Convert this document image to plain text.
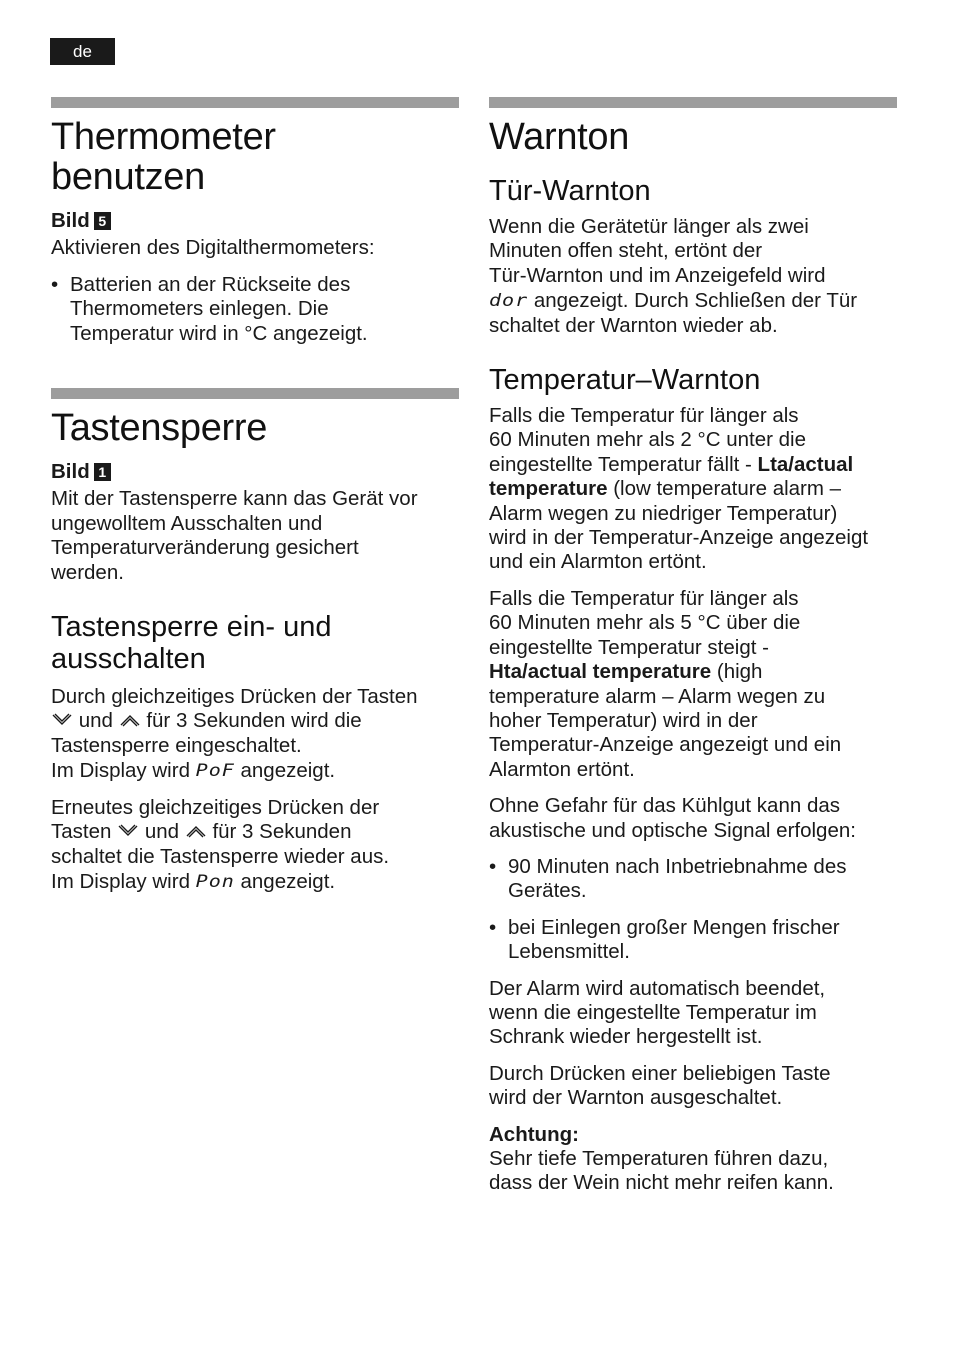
de
Thermometer
benutzen
Bild 5
Aktivieren des Digitalthermometers:
• Batterien an der Rückseite des
Thermometers einlegen. Die
Temperatur wird in °C angezeigt.
Tastensperre
Bild 1
Mit der Tastensperre kann das Gerät vor
ungewolltem Ausschalten und
Temperaturveränderung gesichert
werden.
Tastensperre ein- und
ausschalten
Durch gleichzeitiges Drücken der Tasten
und für 3 Sekunden wird die
Tastensperre eingeschaltet.
Im Display wird PoF angezeigt.
Erneutes gleichzeitiges Drücken der
Tasten und für 3 Sekunden
schaltet die Tastensperre wieder aus.
Im Display wird Pon angezeigt.
Warnton
Tür-Warnton
Wenn die Gerätetür länger als zwei
Minuten offen steht, ertönt der
Tür-Warnton und im Anzeigefeld wird
dor angezeigt. Durch Schließen der Tür
schaltet der Warnton wieder ab.
Temperatur–Warnton
Falls die Temperatur für länger als
60 Minuten mehr als 2 °C unter die
eingestellte Temperatur fällt - Lta/actual
temperature (low temperature alarm –
Alarm wegen zu niedriger Temperatur)
wird in der Temperatur-Anzeige angezeigt
und ein Alarmton ertönt.
Falls die Temperatur für länger als
60 Minuten mehr als 5 °C über die
eingestellte Temperatur steigt -
Hta/actual temperature (high
temperature alarm – Alarm wegen zu
hoher Temperatur) wird in der
Temperatur-Anzeige angezeigt und ein
Alarmton ertönt.
Ohne Gefahr für das Kühlgut kann das
akustische und optische Signal erfolgen:
• 90 Minuten nach Inbetriebnahme des
Gerätes.
• bei Einlegen großer Mengen frischer
Lebensmittel.
Der Alarm wird automatisch beendet,
wenn die eingestellte Temperatur im
Schrank wieder hergestellt ist.
Durch Drücken einer beliebigen Taste
wird der Warnton ausgeschaltet.
Achtung:
Sehr tiefe Temperaturen führen dazu,
dass der Wein nicht mehr reifen kann.
